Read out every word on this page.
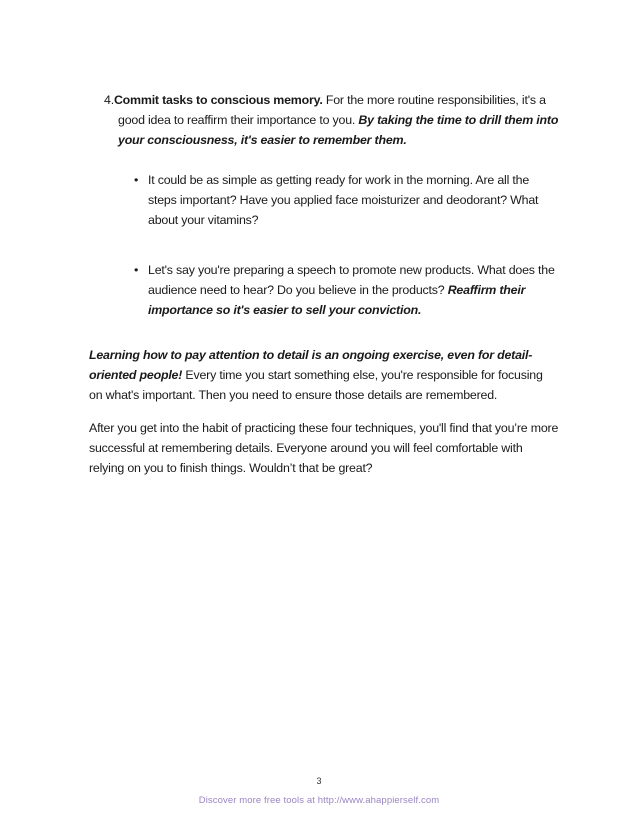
4.Commit tasks to conscious memory. For the more routine responsibilities, it's a good idea to reaffirm their importance to you. By taking the time to drill them into your consciousness, it's easier to remember them.
• It could be as simple as getting ready for work in the morning. Are all the steps important? Have you applied face moisturizer and deodorant? What about your vitamins?
• Let's say you're preparing a speech to promote new products. What does the audience need to hear? Do you believe in the products? Reaffirm their importance so it's easier to sell your conviction.
Learning how to pay attention to detail is an ongoing exercise, even for detail-oriented people! Every time you start something else, you're responsible for focusing on what's important. Then you need to ensure those details are remembered.
After you get into the habit of practicing these four techniques, you'll find that you’re more successful at remembering details. Everyone around you will feel comfortable with relying on you to finish things. Wouldn’t that be great?
3
Discover more free tools at http://www.ahappierself.com
